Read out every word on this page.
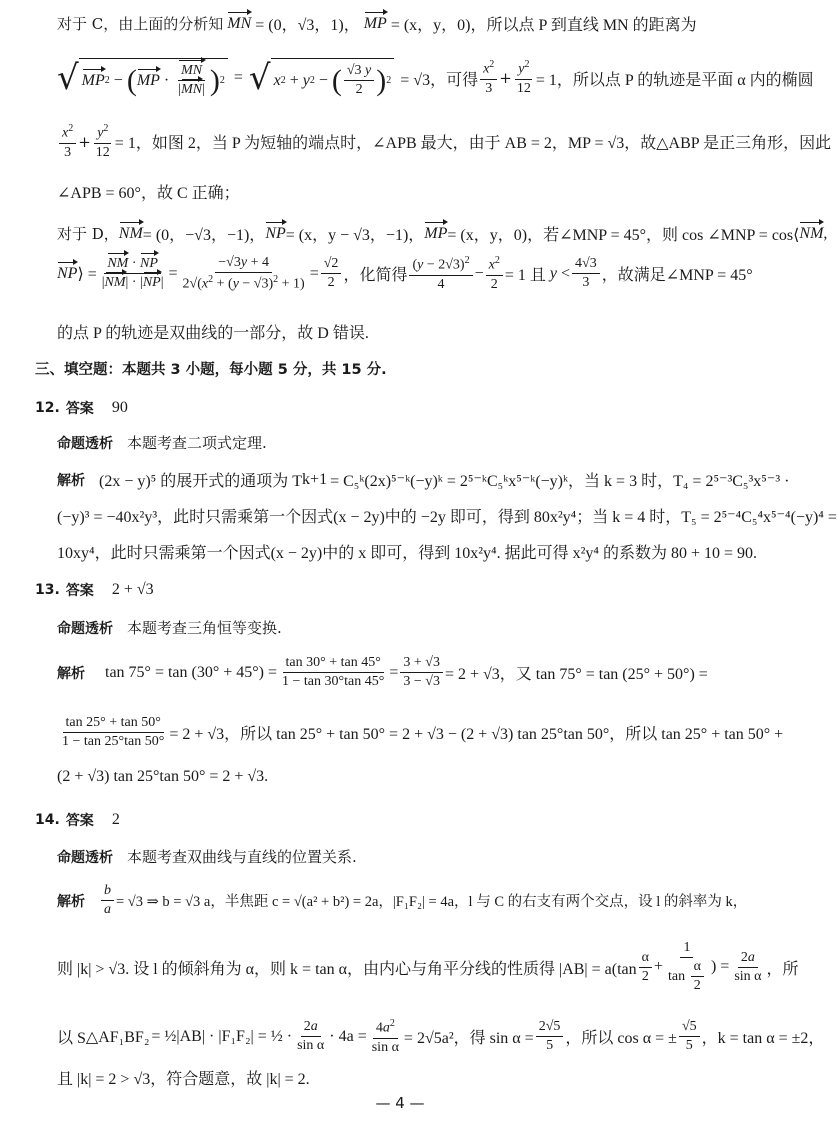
对于 C，由上面的分析知 MN = (0，√3，1)， MP = (x，y，0)，所以点 P 到直线 MN 的距离为
√ MP 2 − ( MP · $\frac{MN}{|MN|}$ ) 2 = √ x 2 + y 2 − ( $\frac{√3 y}{2}$ ) 2 = √3，可得 $\frac{x^2}{3} + \frac{y^2}{12} = 1$，所以点 P 的轨迹是平面 α 内的椭圆
$\frac{x^2}{3} + \frac{y^2}{12} = 1$，如图 2，当 P 为短轴的端点时，∠APB 最大，由于 AB = 2，MP = √3，故△ABP 是正三角形，因此
∠APB = 60°，故 C 正确；
对于 D， NM = (0，−√3，−1)， NP = (x，y − √3，−1)， MP = (x，y，0)，若∠MNP = 45°，则 cos ∠MNP = cos⟨ NM ,
NP ⟩ = $\frac{NM \cdot NP}{|NM| \cdot |NP|} = \frac{-√3y + 4}{2√(x^2 + (y - √3)^2 + 1)} = \frac{√2}{2}$ ，化简得 $\frac{(y - 2√3)^2}{4} - \frac{x^2}{2} = 1$ 且 $y < \frac{4√3}{3}$ ，故满足∠MNP = 45°
的点 P 的轨迹是双曲线的一部分，故 D 错误.
三、填空题：本题共 3 小题，每小题 5 分，共 15 分.
12. 答案 90
命题透析 本题考查二项式定理.
解析 (2x − y)⁵ 的展开式的通项为 T k+1 = C₅ᵏ(2x)⁵⁻ᵏ(−y)ᵏ = 2⁵⁻ᵏC₅ᵏx⁵⁻ᵏ(−y)ᵏ，当 k = 3 时，T₄ = 2⁵⁻³C₅³x⁵⁻³ ·
(−y)³ = −40x²y³，此时只需乘第一个因式(x − 2y)中的 −2y 即可，得到 80x²y⁴；当 k = 4 时，T₅ = 2⁵⁻⁴C₅⁴x⁵⁻⁴(−y)⁴ =
10xy⁴，此时只需乘第一个因式(x − 2y)中的 x 即可，得到 10x²y⁴. 据此可得 x²y⁴ 的系数为 80 + 10 = 90.
13. 答案 2 + √3
命题透析 本题考查三角恒等变换.
解析 $\tan 75^\circ = \tan (30^\circ + 45^\circ) = \frac{\tan 30^\circ + \tan 45^\circ}{1 - \tan 30^\circ\tan 45^\circ} = \frac{3 + √3}{3 - √3} = 2 + √3$，又 tan 75° = tan (25° + 50°) =
$\frac{\tan 25^\circ + \tan 50^\circ}{1 - \tan 25^\circ\tan 50^\circ} = 2 + √3$，所以 tan 25° + tan 50° = 2 + √3 − (2 + √3) tan 25°tan 50°，所以 tan 25° + tan 50° +
(2 + √3) tan 25°tan 50° = 2 + √3.
14. 答案 2
命题透析 本题考查双曲线与直线的位置关系.
解析 $\frac{b}{a} = √3$ ⇒ b = √3 a，半焦距 c = √(a² + b²) = 2a，|F₁F₂| = 4a，l 与 C 的右支有两个交点，设 l 的斜率为 k，
则 |k| > √3. 设 l 的倾斜角为 α，则 k = tan α，由内心与角平分线的性质得 $|AB| = a(\tan \frac{\alpha}{2} + \frac{1}{\tan \frac{\alpha}{2}}$ ) = $\frac{2a}{\text{sin α}}$ ，所
以 S △AF₁BF₂ = ½|AB| · |F₁F₂| = ½ · $\frac{2a}{\text{sin α}} \cdot 4a = \frac{4a^2}{\text{sin α}} = 2√5a^2$，得 $\sin \alpha = \frac{2√5}{5}$ ，所以 cos α = ± $\frac{√5}{5}$ ，k = tan α = ±2，
且 |k| = 2 > √3，符合题意，故 |k| = 2.
— 4 —
